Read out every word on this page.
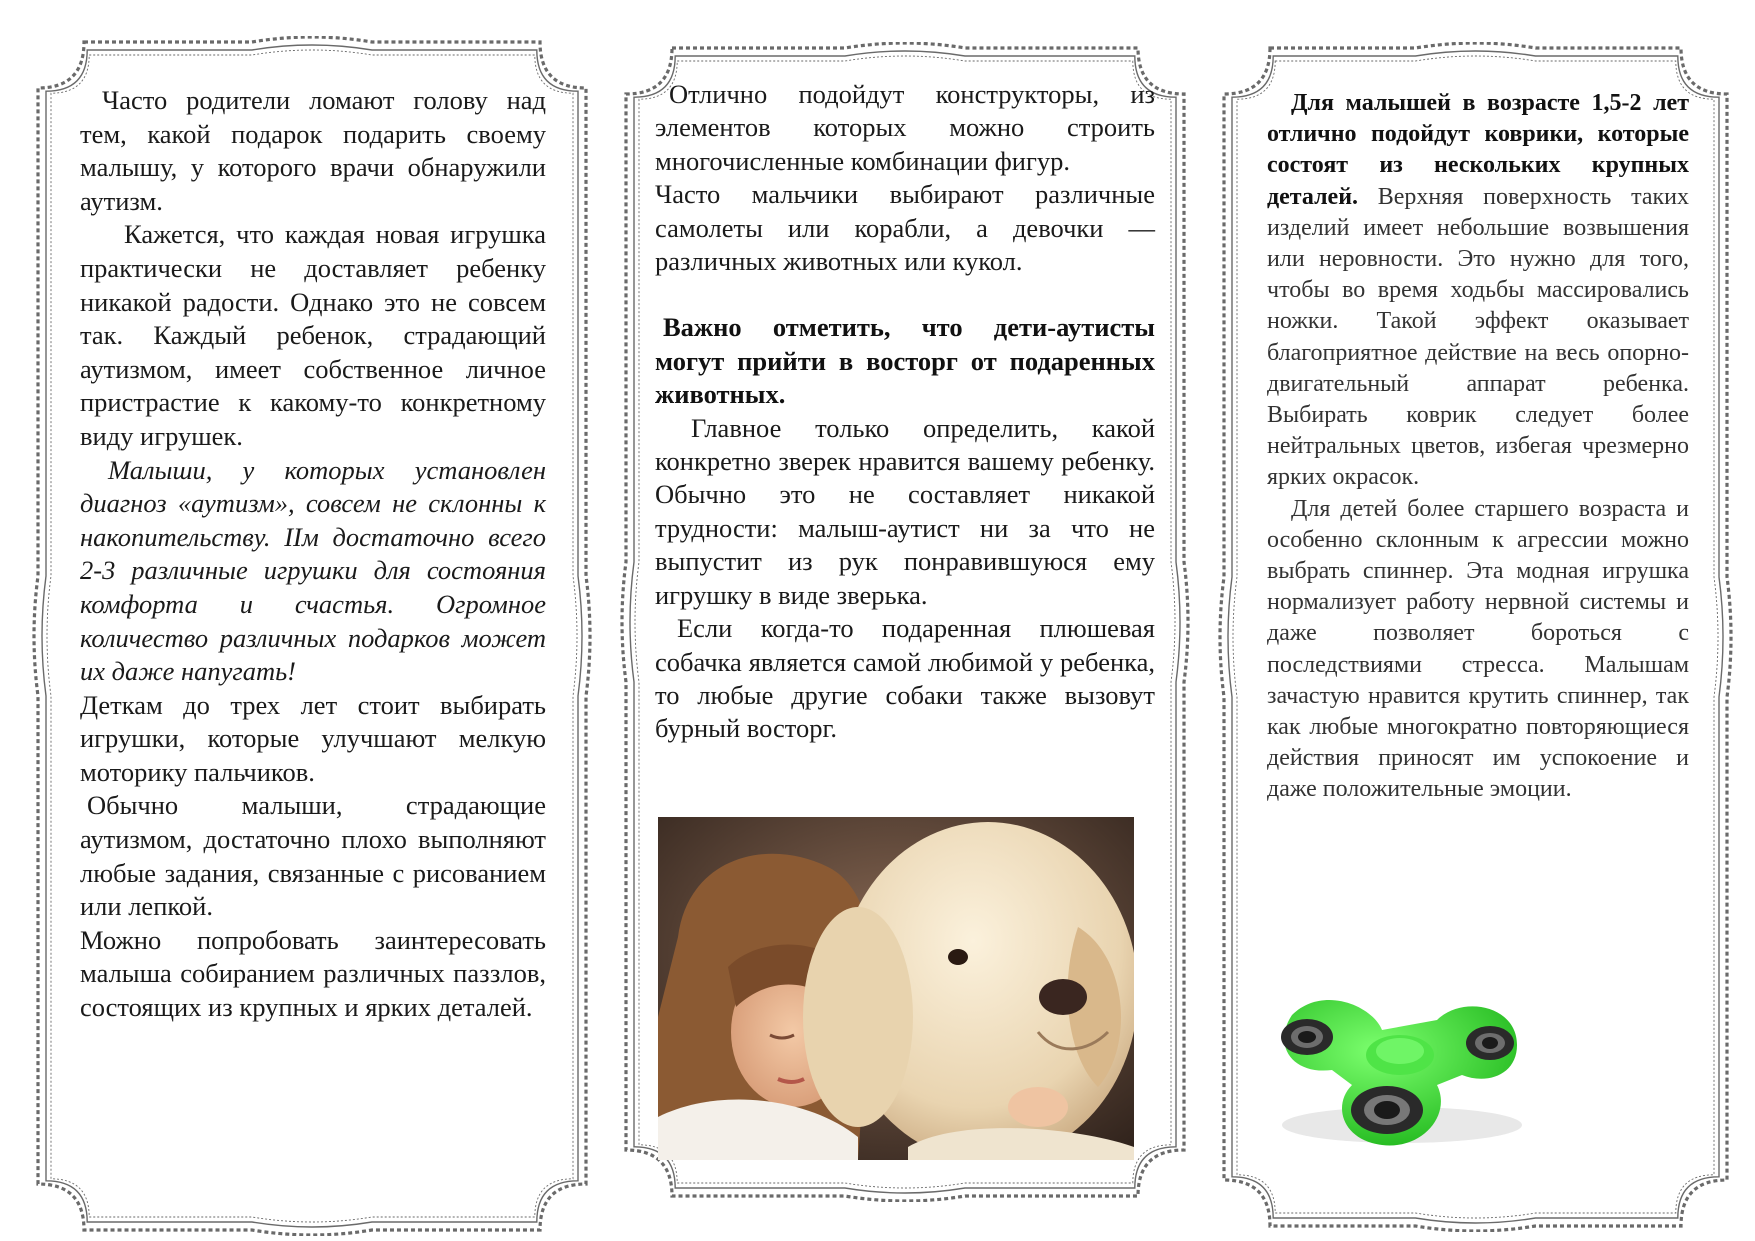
Часто родители ломают голову над тем, какой подарок подарить своему малышу, у которого врачи обнаружили аутизм.

Кажется, что каждая новая игрушка практически не доставляет ребенку никакой радости. Однако это не совсем так. Каждый ребенок, страдающий аутизмом, имеет собственное личное пристрастие к какому-то конкретному виду игрушек.

Малыши, у которых установлен диагноз «аутизм», совсем не склонны к накопительству. ІІм достаточно всего 2-3 различные игрушки для состояния комфорта и счастья. Огромное количество различных подарков может их даже напугать!

Деткам до трех лет стоит выбирать игрушки, которые улучшают мелкую моторику пальчиков.

Обычно малыши, страдающие аутизмом, достаточно плохо выполняют любые задания, связанные с рисованием или лепкой.

Можно попробовать заинтересовать малыша собиранием различных паззлов, состоящих из крупных и ярких деталей.

Отлично подойдут конструкторы, из элементов которых можно строить многочисленные комбинации фигур.

Часто мальчики выбирают различные самолеты или корабли, а девочки — различных животных или кукол.

Важно отметить, что дети-аутисты могут прийти в восторг от подаренных животных.

Главное только определить, какой конкретно зверек нравится вашему ребенку. Обычно это не составляет никакой трудности: малыш-аутист ни за что не выпустит из рук понравившуюся ему игрушку в виде зверька.

Если когда-то подаренная плюшевая собачка является самой любимой у ребенка, то любые другие собаки также вызовут бурный восторг.

Для малышей в возрасте 1,5-2 лет отлично подойдут коврики, которые состоят из нескольких крупных деталей. Верхняя поверхность таких изделий имеет небольшие возвышения или неровности. Это нужно для того, чтобы во время ходьбы массировались ножки. Такой эффект оказывает благоприятное действие на весь опорно-двигательный аппарат ребенка. Выбирать коврик следует более нейтральных цветов, избегая чрезмерно ярких окрасок.

Для детей более старшего возраста и особенно склонным к агрессии можно выбрать спиннер. Эта модная игрушка нормализует работу нервной системы и даже позволяет бороться с последствиями стресса. Малышам зачастую нравится крутить спиннер, так как любые многократно повторяющиеся действия приносят им успокоение и даже положительные эмоции.
